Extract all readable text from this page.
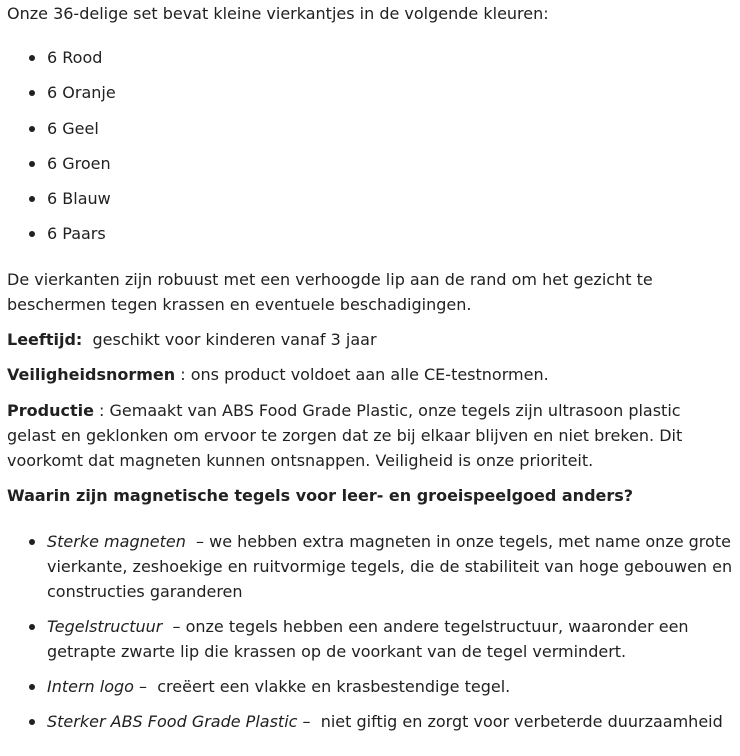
Onze 36-delige set bevat kleine vierkantjes in de volgende kleuren:

6 Rood
6 Oranje
6 Geel
6 Groen
6 Blauw
6 Paars

De vierkanten zijn robuust met een verhoogde lip aan de rand om het gezicht te beschermen tegen krassen en eventuele beschadigingen.

Leeftijd:  geschikt voor kinderen vanaf 3 jaar

Veiligheidsnormen : ons product voldoet aan alle CE-testnormen.

Productie : Gemaakt van ABS Food Grade Plastic, onze tegels zijn ultrasoon plastic gelast en geklonken om ervoor te zorgen dat ze bij elkaar blijven en niet breken. Dit voorkomt dat magneten kunnen ontsnappen. Veiligheid is onze prioriteit.

Waarin zijn magnetische tegels voor leer- en groeispeelgoed anders?

Sterke magneten  – we hebben extra magneten in onze tegels, met name onze grote vierkante, zeshoekige en ruitvormige tegels, die de stabiliteit van hoge gebouwen en constructies garanderen
Tegelstructuur  – onze tegels hebben een andere tegelstructuur, waaronder een getrapte zwarte lip die krassen op de voorkant van de tegel vermindert.
Intern logo –  creëert een vlakke en krasbestendige tegel.
Sterker ABS Food Grade Plastic –  niet giftig en zorgt voor verbeterde duurzaamheid
